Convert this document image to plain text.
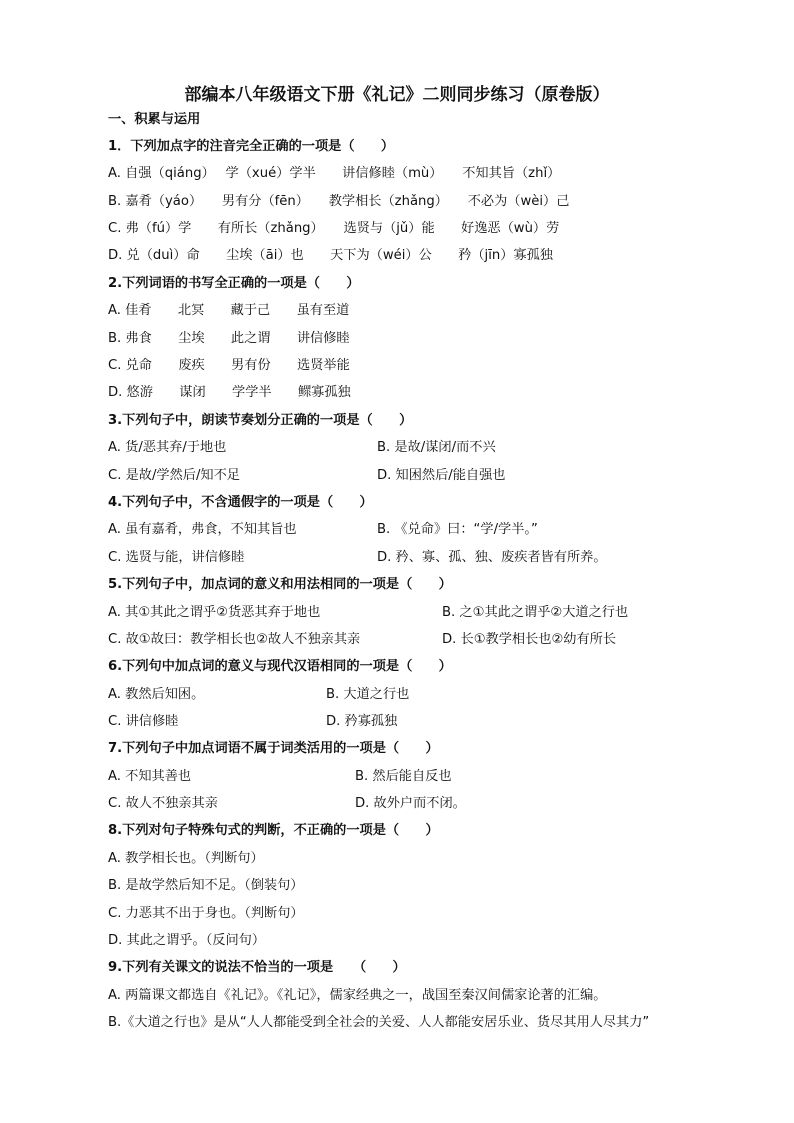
部编本八年级语文下册《礼记》二则同步练习（原卷版）
一、积累与运用
1．下列加点字的注音完全正确的一项是（　　）
A. 自强（qiáng）　 学（xué）学半　　讲信修睦（mù）　　不知其旨（zhǐ）
B. 嘉肴（yáo）　　男有分（fēn）　　教学相长（zhǎng）　　不必为（wèi）己
C. 弗（fú）学　　有所长（zhǎng）　　选贤与（jǔ）能　　好逸恶（wù）劳
D. 兑（duì）命　　尘埃（āi）也　　天下为（wéi）公　　矜（jīn）寡孤独
2.下列词语的书写全正确的一项是（　　）
A. 佳肴　　北冥　　藏于己　　虽有至道
B. 弗食　　尘埃　　此之谓　　讲信修睦
C. 兑命　　废疾　　男有份　　选贤举能
D. 悠游　　谋闭　　学学半　　鳏寡孤独
3.下列句子中，朗读节奏划分正确的一项是（　　）
A. 货/恶其弃/于地也	B. 是故/谋闭/而不兴
C. 是故/学然后/知不足	D. 知困然后/能自强也
4.下列句子中，不含通假字的一项是（　　）
A. 虽有嘉肴，弗食，不知其旨也	B. 《兑命》曰：“学/学半。”
C. 选贤与能，讲信修睦	D. 矜、寡、孤、独、废疾者皆有所养。
5.下列句子中，加点词的意义和用法相同的一项是（　　）
A. 其①其此之谓乎②货恶其弃于地也	B. 之①其此之谓乎②大道之行也
C. 故①故曰：教学相长也②故人不独亲其亲	D. 长①教学相长也②幼有所长
6.下列句中加点词的意义与现代汉语相同的一项是（　　）
A. 教然后知困。	B. 大道之行也
C. 讲信修睦	D. 矜寡孤独
7.下列句子中加点词语不属于词类活用的一项是（　　）
A. 不知其善也	B. 然后能自反也
C. 故人不独亲其亲	D. 故外户而不闭。
8.下列对句子特殊句式的判断，不正确的一项是（　　）
A. 教学相长也。（判断句）
B. 是故学然后知不足。（倒装句）
C. 力恶其不出于身也。（判断句）
D. 其此之谓乎。（反问句）
9.下列有关课文的说法不恰当的一项是　　（　　）
A. 两篇课文都选自《礼记》。《礼记》，儒家经典之一，战国至秦汉间儒家论著的汇编。
B.《大道之行也》是从“人人都能受到全社会的关爱、人人都能安居乐业、货尽其用人尽其力”
